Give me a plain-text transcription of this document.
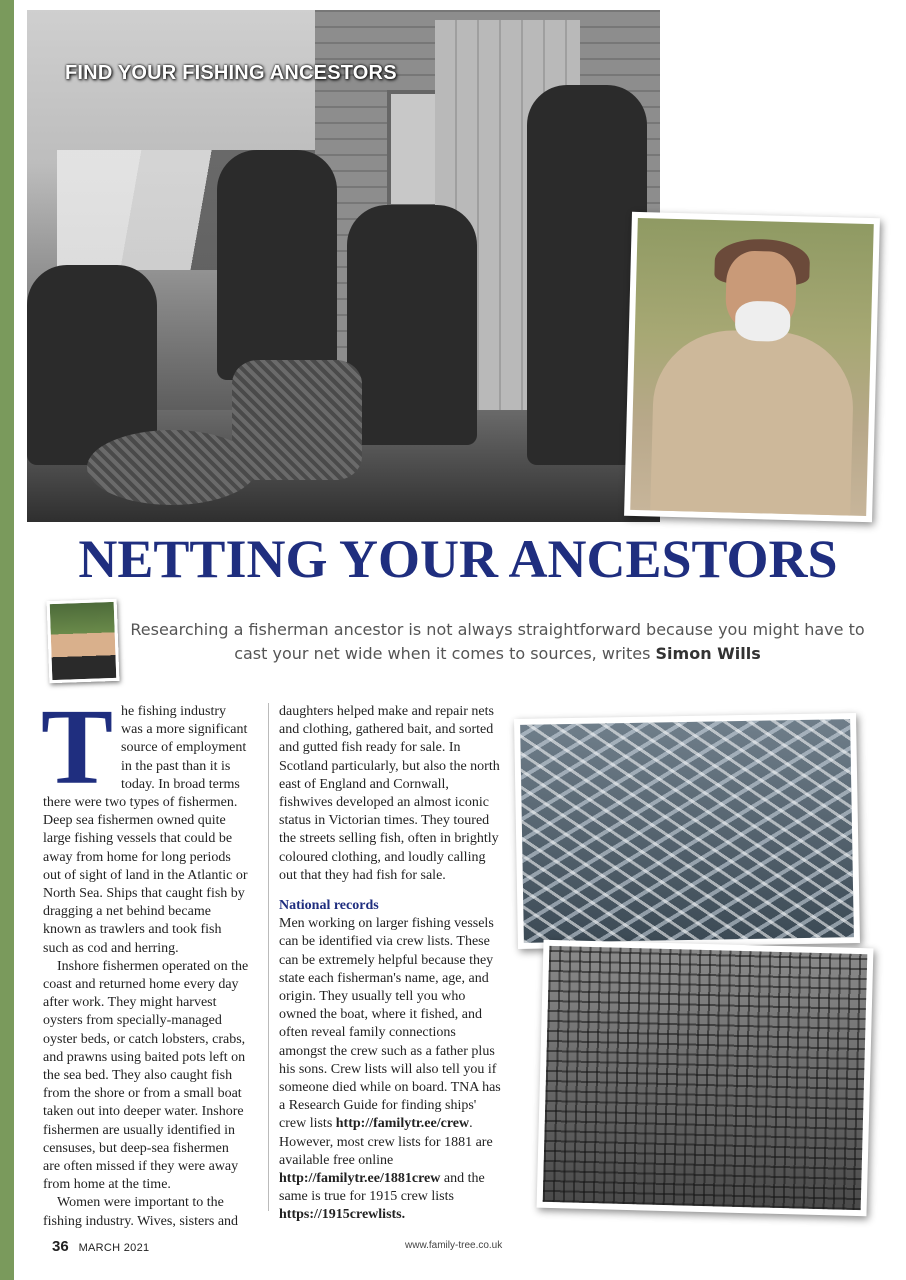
FIND YOUR FISHING ANCESTORS
NETTING YOUR ANCESTORS

Researching a fisherman ancestor is not always straightforward because you might have to cast your net wide when it comes to sources, writes Simon Wills

The fishing industry was a more significant source of employment in the past than it is today. In broad terms there were two types of fishermen. Deep sea fishermen owned quite large fishing vessels that could be away from home for long periods out of sight of land in the Atlantic or North Sea. Ships that caught fish by dragging a net behind became known as trawlers and took fish such as cod and herring.

Inshore fishermen operated on the coast and returned home every day after work. They might harvest oysters from specially-managed oyster beds, or catch lobsters, crabs, and prawns using baited pots left on the sea bed. They also caught fish from the shore or from a small boat taken out into deeper water. Inshore fishermen are usually identified in censuses, but deep-sea fishermen are often missed if they were away from home at the time.

Women were important to the fishing industry. Wives, sisters and

daughters helped make and repair nets and clothing, gathered bait, and sorted and gutted fish ready for sale. In Scotland particularly, but also the north east of England and Cornwall, fishwives developed an almost iconic status in Victorian times. They toured the streets selling fish, often in brightly coloured clothing, and loudly calling out that they had fish for sale.

National records

Men working on larger fishing vessels can be identified via crew lists. These can be extremely helpful because they state each fisherman's name, age, and origin. They usually tell you who owned the boat, where it fished, and often reveal family connections amongst the crew such as a father plus his sons. Crew lists will also tell you if someone died while on board. TNA has a Research Guide for finding ships' crew lists http://familytr.ee/crew. However, most crew lists for 1881 are available free online http://familytr.ee/1881crew and the same is true for 1915 crew lists https://1915crewlists.

36 MARCH 2021	www.family-tree.co.uk
